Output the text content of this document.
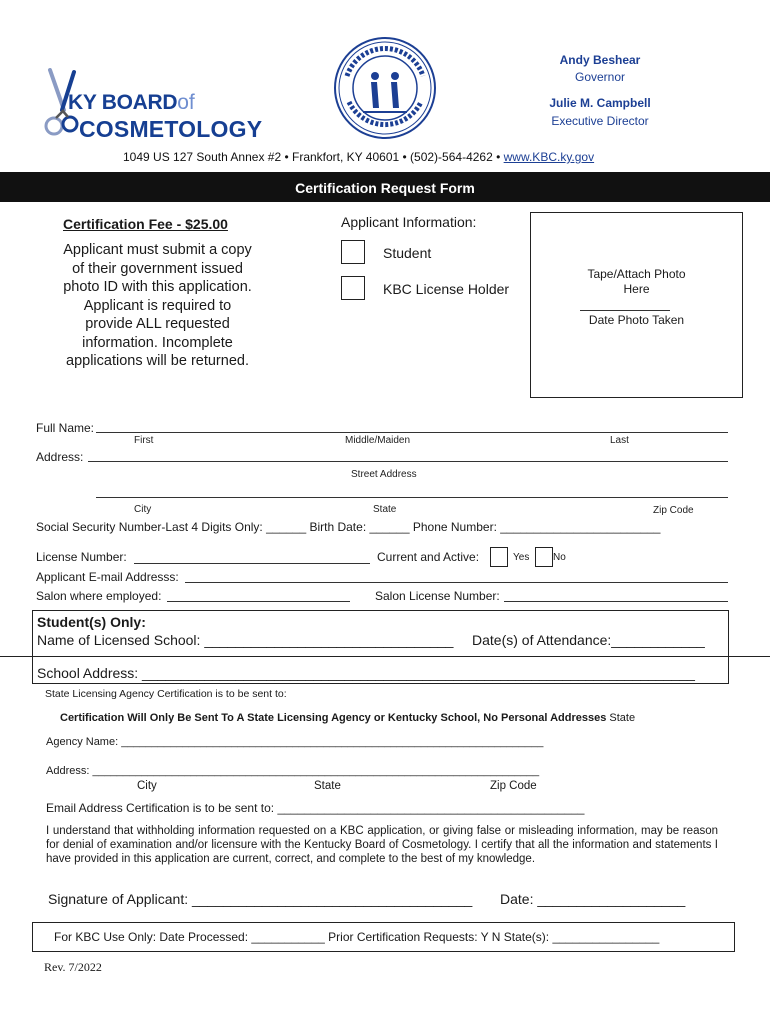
KY BOARDof
COSMETOLOGY
Andy Beshear
Governor
Julie M. Campbell
Executive Director
1049 US 127 South Annex #2 • Frankfort, KY 40601 • (502)-564-4262 • www.KBC.ky.gov
Certification Request Form
Certification Fee - $25.00
Applicant must submit a copy
of their government issued
photo ID with this application.
Applicant is required to
provide ALL requested
information. Incomplete
applications will be returned.
Applicant Information:
Student
KBC License Holder
Tape/Attach Photo
Here
Date Photo Taken
Full Name:
First	Middle/Maiden	Last
Address:
Street Address
City	State	Zip Code
Social Security Number-Last 4 Digits Only: ______ Birth Date: ______ Phone Number: ________________________
License Number:	Current and Active:	Yes No
Applicant E-mail Addresss:
Salon where employed:	Salon License Number:
Student(s) Only:
Name of Licensed School: ________________________________ Date(s) of Attendance:____________
School Address: _______________________________________________________________________
State Licensing Agency Certification is to be sent to:
Certification Will Only Be Sent To A State Licensing Agency or Kentucky School, No Personal Addresses State
Agency Name: _____________________________________________________________________
Address: _________________________________________________________________________
City	State	Zip Code
Email Address Certification is to be sent to: ______________________________________________
I understand that withholding information requested on a KBC application, or giving false or misleading information, may be reason for denial of examination and/or licensure with the Kentucky Board of Cosmetology. I certify that all the information and statements I have provided in this application are current, correct, and complete to the best of my knowledge.
Signature of Applicant: ____________________________________ Date: ___________________
For KBC Use Only: Date Processed: ___________ Prior Certification Requests: Y N State(s): ________________
Rev. 7/2022
